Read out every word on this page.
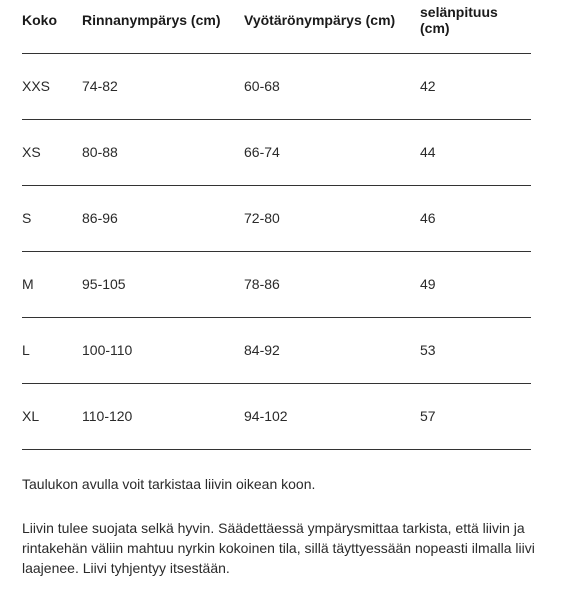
Koko	Rinnanympärys (cm)	Vyötärönympärys (cm)	selänpituus (cm)
XXS	74-82	60-68	42
XS	80-88	66-74	44
S	86-96	72-80	46
M	95-105	78-86	49
L	100-110	84-92	53
XL	110-120	94-102	57

Taulukon avulla voit tarkistaa liivin oikean koon.

Liivin tulee suojata selkä hyvin. Säädettäessä ympärysmittaa tarkista, että liivin ja rintakehän väliin mahtuu nyrkin kokoinen tila, sillä täyttyessään nopeasti ilmalla liivi laajenee. Liivi tyhjentyy itsestään.
